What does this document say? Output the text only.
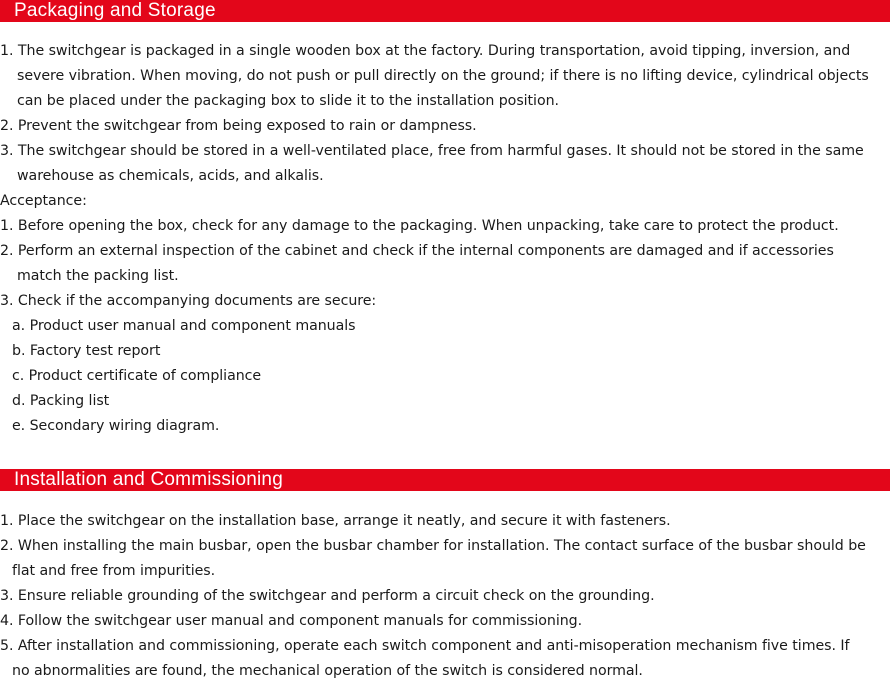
Packaging and Storage
1. The switchgear is packaged in a single wooden box at the factory. During transportation, avoid tipping, inversion, and
severe vibration. When moving, do not push or pull directly on the ground; if there is no lifting device, cylindrical objects
can be placed under the packaging box to slide it to the installation position.
2. Prevent the switchgear from being exposed to rain or dampness.
3. The switchgear should be stored in a well-ventilated place, free from harmful gases. It should not be stored in the same
warehouse as chemicals, acids, and alkalis.
Acceptance:
1. Before opening the box, check for any damage to the packaging. When unpacking, take care to protect the product.
2. Perform an external inspection of the cabinet and check if the internal components are damaged and if accessories
match the packing list.
3. Check if the accompanying documents are secure:
a. Product user manual and component manuals
b. Factory test report
c. Product certificate of compliance
d. Packing list
e. Secondary wiring diagram.
Installation and Commissioning
1. Place the switchgear on the installation base, arrange it neatly, and secure it with fasteners.
2. When installing the main busbar, open the busbar chamber for installation. The contact surface of the busbar should be
flat and free from impurities.
3. Ensure reliable grounding of the switchgear and perform a circuit check on the grounding.
4. Follow the switchgear user manual and component manuals for commissioning.
5. After installation and commissioning, operate each switch component and anti-misoperation mechanism five times. If
no abnormalities are found, the mechanical operation of the switch is considered normal.
